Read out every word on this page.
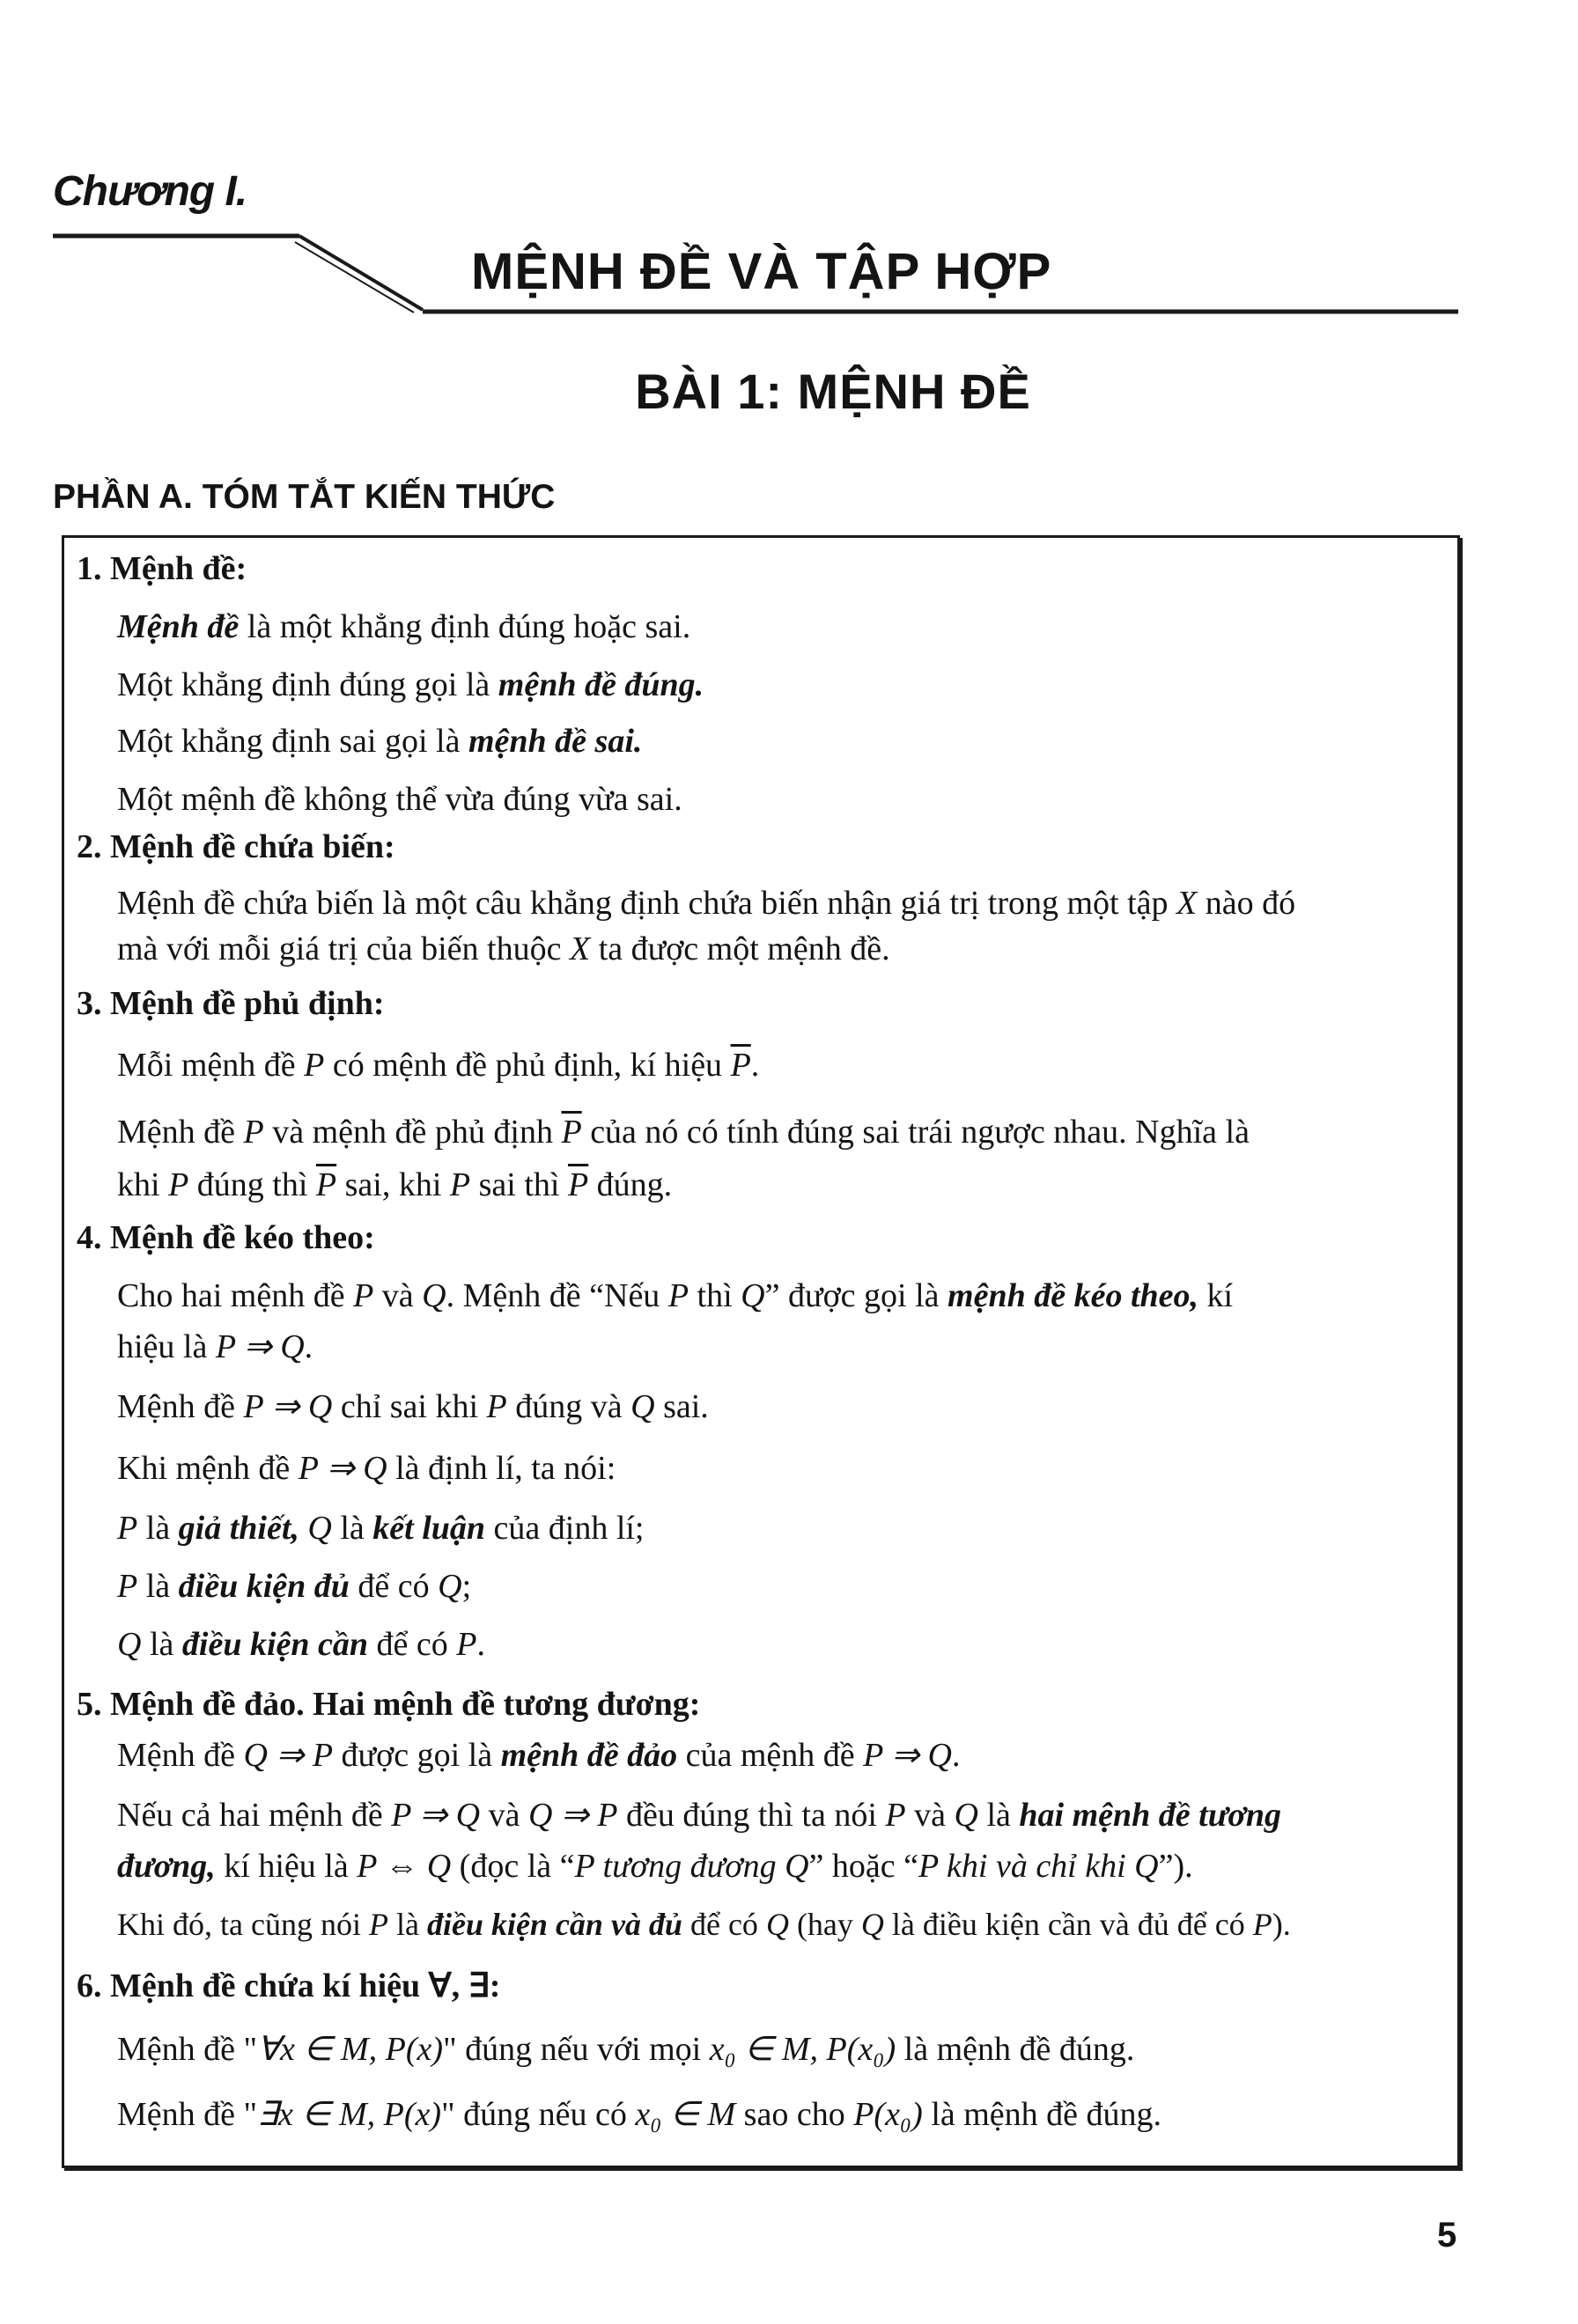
Chương I.
MỆNH ĐỀ VÀ TẬP HỢP
BÀI 1: MỆNH ĐỀ
PHẦN A. TÓM TẮT KIẾN THỨC
1. Mệnh đề:
Mệnh đề là một khẳng định đúng hoặc sai.
Một khẳng định đúng gọi là mệnh đề đúng.
Một khẳng định sai gọi là mệnh đề sai.
Một mệnh đề không thể vừa đúng vừa sai.
2. Mệnh đề chứa biến:
Mệnh đề chứa biến là một câu khẳng định chứa biến nhận giá trị trong một tập X nào đó
mà với mỗi giá trị của biến thuộc X ta được một mệnh đề.
3. Mệnh đề phủ định:
Mỗi mệnh đề P có mệnh đề phủ định, kí hiệu $\overline{P}$.
Mệnh đề P và mệnh đề phủ định $\overline{P}$ của nó có tính đúng sai trái ngược nhau. Nghĩa là
khi P đúng thì $\overline{P}$ sai, khi P sai thì $\overline{P}$ đúng.
4. Mệnh đề kéo theo:
Cho hai mệnh đề P và Q. Mệnh đề “Nếu P thì Q” được gọi là mệnh đề kéo theo, kí
hiệu là P ⇒ Q.
Mệnh đề P ⇒ Q chỉ sai khi P đúng và Q sai.
Khi mệnh đề P ⇒ Q là định lí, ta nói:
P là giả thiết, Q là kết luận của định lí;
P là điều kiện đủ để có Q;
Q là điều kiện cần để có P.
5. Mệnh đề đảo. Hai mệnh đề tương đương:
Mệnh đề Q ⇒ P được gọi là mệnh đề đảo của mệnh đề P ⇒ Q.
Nếu cả hai mệnh đề P ⇒ Q và Q ⇒ P đều đúng thì ta nói P và Q là hai mệnh đề tương
đương, kí hiệu là P ⇔ Q (đọc là “P tương đương Q” hoặc “P khi và chỉ khi Q”).
Khi đó, ta cũng nói P là điều kiện cần và đủ để có Q (hay Q là điều kiện cần và đủ để có P).
6. Mệnh đề chứa kí hiệu ∀, ∃:
Mệnh đề "∀x ∈ M, P(x)" đúng nếu với mọi x₀ ∈ M, P(x₀) là mệnh đề đúng.
Mệnh đề "∃x ∈ M, P(x)" đúng nếu có x₀ ∈ M sao cho P(x₀) là mệnh đề đúng.
5
